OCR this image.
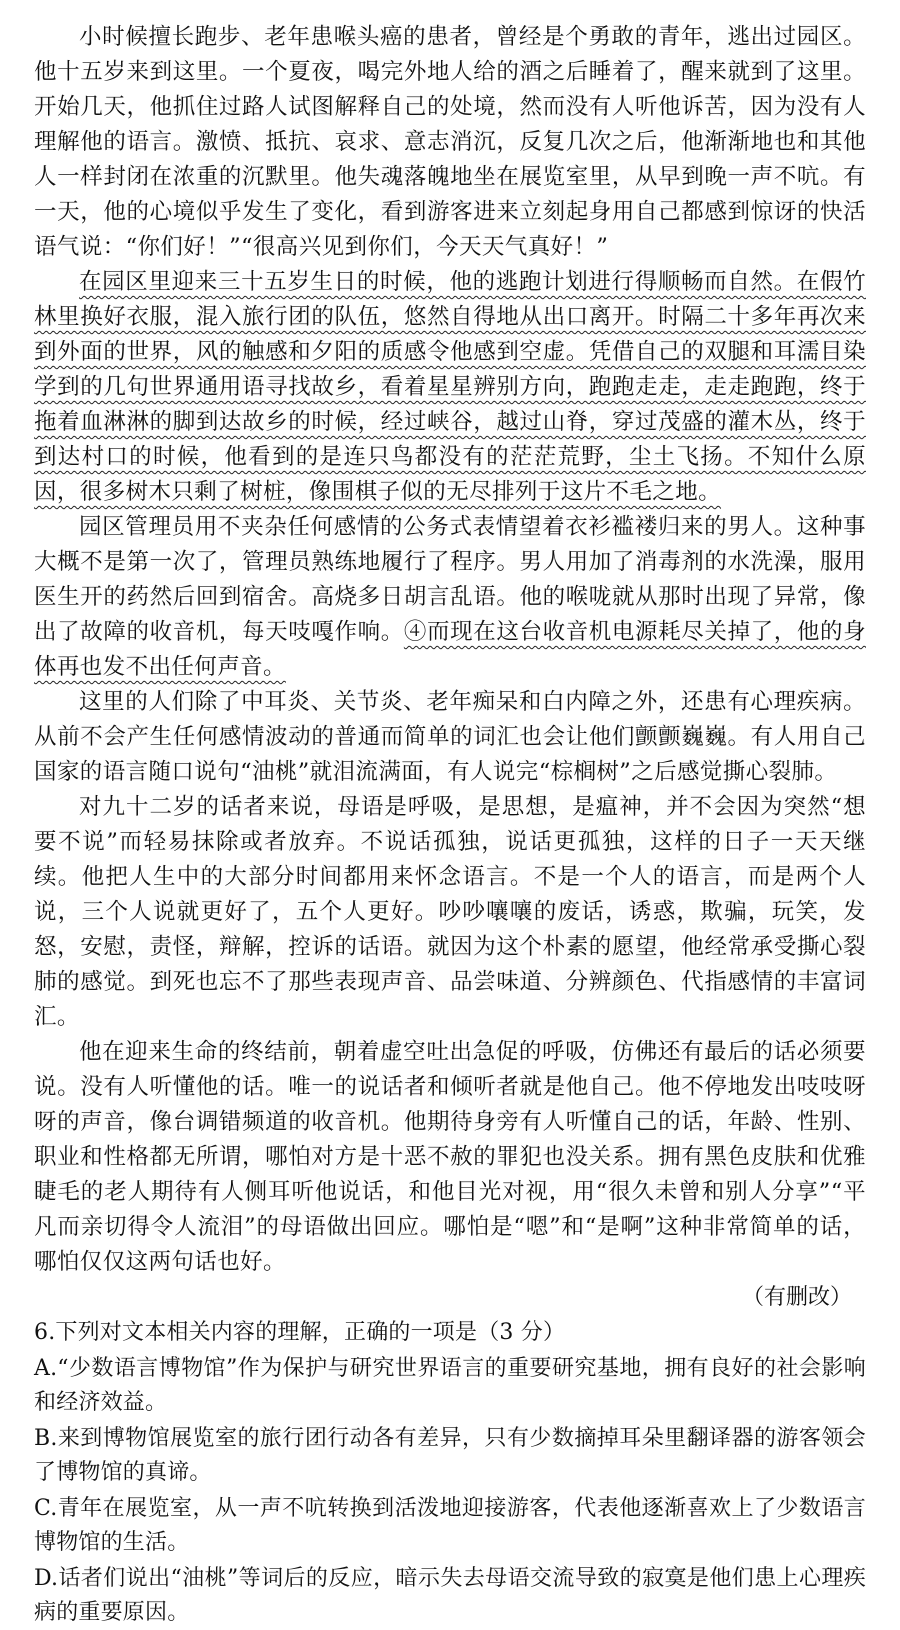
小时候擅长跑步、老年患喉头癌的患者，曾经是个勇敢的青年，逃出过园区。他十五岁来到这里。一个夏夜，喝完外地人给的酒之后睡着了，醒来就到了这里。开始几天，他抓住过路人试图解释自己的处境，然而没有人听他诉苦，因为没有人理解他的语言。激愤、抵抗、哀求、意志消沉，反复几次之后，他渐渐地也和其他人一样封闭在浓重的沉默里。他失魂落魄地坐在展览室里，从早到晚一声不吭。有一天，他的心境似乎发生了变化，看到游客进来立刻起身用自己都感到惊讶的快活语气说：“你们好！”“很高兴见到你们，今天天气真好！”

在园区里迎来三十五岁生日的时候，他的逃跑计划进行得顺畅而自然。在假竹林里换好衣服，混入旅行团的队伍，悠然自得地从出口离开。时隔二十多年再次来到外面的世界，风的触感和夕阳的质感令他感到空虚。凭借自己的双腿和耳濡目染学到的几句世界通用语寻找故乡，看着星星辨别方向，跑跑走走，走走跑跑，终于拖着血淋淋的脚到达故乡的时候，经过峡谷，越过山脊，穿过茂盛的灌木丛，终于到达村口的时候，他看到的是连只鸟都没有的茫茫荒野，尘土飞扬。不知什么原因，很多树木只剩了树桩，像围棋子似的无尽排列于这片不毛之地。

园区管理员用不夹杂任何感情的公务式表情望着衣衫褴褛归来的男人。这种事大概不是第一次了，管理员熟练地履行了程序。男人用加了消毒剂的水洗澡，服用医生开的药然后回到宿舍。高烧多日胡言乱语。他的喉咙就从那时出现了异常，像出了故障的收音机，每天吱嘎作响。④而现在这台收音机电源耗尽关掉了，他的身体再也发不出任何声音。

这里的人们除了中耳炎、关节炎、老年痴呆和白内障之外，还患有心理疾病。从前不会产生任何感情波动的普通而简单的词汇也会让他们颤颤巍巍。有人用自己国家的语言随口说句“油桃”就泪流满面，有人说完“棕榈树”之后感觉撕心裂肺。

对九十二岁的话者来说，母语是呼吸，是思想，是瘟神，并不会因为突然“想要不说”而轻易抹除或者放弃。不说话孤独，说话更孤独，这样的日子一天天继续。他把人生中的大部分时间都用来怀念语言。不是一个人的语言，而是两个人说，三个人说就更好了，五个人更好。吵吵嚷嚷的废话，诱惑，欺骗，玩笑，发怒，安慰，责怪，辩解，控诉的话语。就因为这个朴素的愿望，他经常承受撕心裂肺的感觉。到死也忘不了那些表现声音、品尝味道、分辨颜色、代指感情的丰富词汇。

他在迎来生命的终结前，朝着虚空吐出急促的呼吸，仿佛还有最后的话必须要说。没有人听懂他的话。唯一的说话者和倾听者就是他自己。他不停地发出吱吱呀呀的声音，像台调错频道的收音机。他期待身旁有人听懂自己的话，年龄、性别、职业和性格都无所谓，哪怕对方是十恶不赦的罪犯也没关系。拥有黑色皮肤和优雅睫毛的老人期待有人侧耳听他说话，和他目光对视，用“很久未曾和别人分享”“平凡而亲切得令人流泪”的母语做出回应。哪怕是“嗯”和“是啊”这种非常简单的话，哪怕仅仅这两句话也好。

（有删改）

6.下列对文本相关内容的理解，正确的一项是（3 分）

A.“少数语言博物馆”作为保护与研究世界语言的重要研究基地，拥有良好的社会影响和经济效益。

B.来到博物馆展览室的旅行团行动各有差异，只有少数摘掉耳朵里翻译器的游客领会了博物馆的真谛。

C.青年在展览室，从一声不吭转换到活泼地迎接游客，代表他逐渐喜欢上了少数语言博物馆的生活。

D.话者们说出“油桃”等词后的反应，暗示失去母语交流导致的寂寞是他们患上心理疾病的重要原因。
